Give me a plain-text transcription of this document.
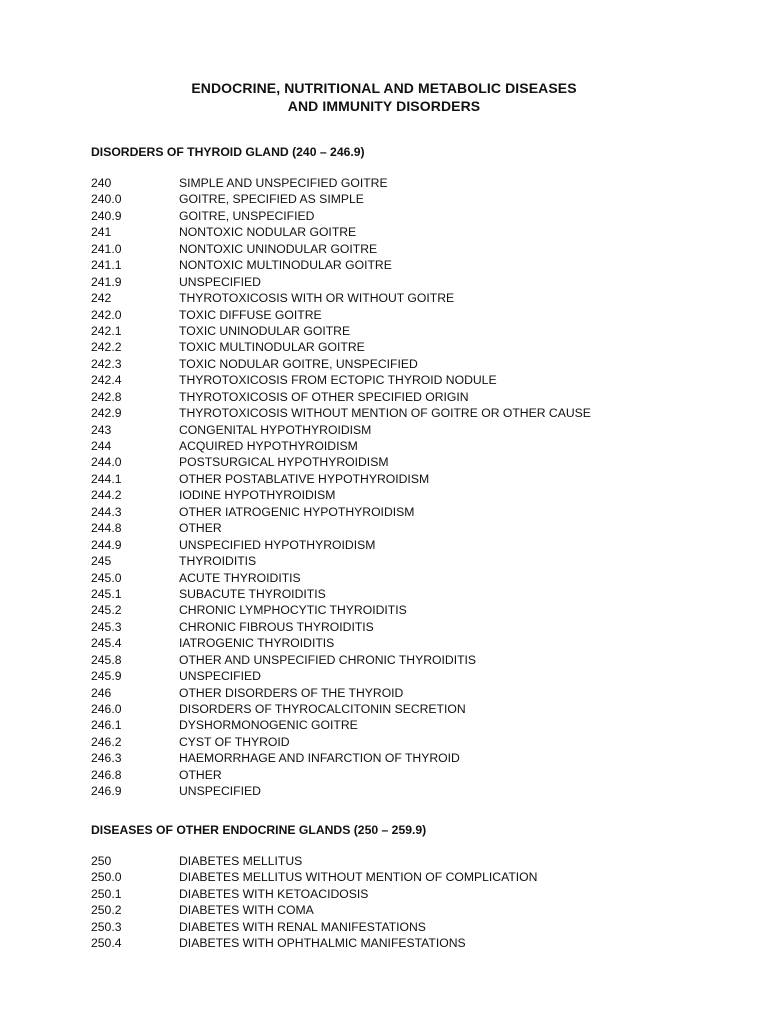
ENDOCRINE, NUTRITIONAL AND METABOLIC DISEASES
AND IMMUNITY DISORDERS
DISORDERS OF THYROID GLAND (240 – 246.9)
240	SIMPLE AND UNSPECIFIED GOITRE
240.0	GOITRE, SPECIFIED AS SIMPLE
240.9	GOITRE, UNSPECIFIED
241	NONTOXIC NODULAR GOITRE
241.0	NONTOXIC UNINODULAR GOITRE
241.1	NONTOXIC MULTINODULAR GOITRE
241.9	UNSPECIFIED
242	THYROTOXICOSIS WITH OR WITHOUT GOITRE
242.0	TOXIC DIFFUSE GOITRE
242.1	TOXIC UNINODULAR GOITRE
242.2	TOXIC MULTINODULAR GOITRE
242.3	TOXIC NODULAR GOITRE, UNSPECIFIED
242.4	THYROTOXICOSIS FROM ECTOPIC THYROID NODULE
242.8	THYROTOXICOSIS OF OTHER SPECIFIED ORIGIN
242.9	THYROTOXICOSIS WITHOUT MENTION OF GOITRE OR OTHER CAUSE
243	CONGENITAL HYPOTHYROIDISM
244	ACQUIRED HYPOTHYROIDISM
244.0	POSTSURGICAL HYPOTHYROIDISM
244.1	OTHER POSTABLATIVE HYPOTHYROIDISM
244.2	IODINE HYPOTHYROIDISM
244.3	OTHER IATROGENIC HYPOTHYROIDISM
244.8	OTHER
244.9	UNSPECIFIED HYPOTHYROIDISM
245	THYROIDITIS
245.0	ACUTE THYROIDITIS
245.1	SUBACUTE THYROIDITIS
245.2	CHRONIC LYMPHOCYTIC THYROIDITIS
245.3	CHRONIC FIBROUS THYROIDITIS
245.4	IATROGENIC THYROIDITIS
245.8	OTHER AND UNSPECIFIED CHRONIC THYROIDITIS
245.9	UNSPECIFIED
246	OTHER DISORDERS OF THE THYROID
246.0	DISORDERS OF THYROCALCITONIN SECRETION
246.1	DYSHORMONOGENIC GOITRE
246.2	CYST OF THYROID
246.3	HAEMORRHAGE AND INFARCTION OF THYROID
246.8	OTHER
246.9	UNSPECIFIED
DISEASES OF OTHER ENDOCRINE GLANDS (250 – 259.9)
250	DIABETES MELLITUS
250.0	DIABETES MELLITUS WITHOUT MENTION OF COMPLICATION
250.1	DIABETES WITH KETOACIDOSIS
250.2	DIABETES WITH COMA
250.3	DIABETES WITH RENAL MANIFESTATIONS
250.4	DIABETES WITH OPHTHALMIC MANIFESTATIONS
